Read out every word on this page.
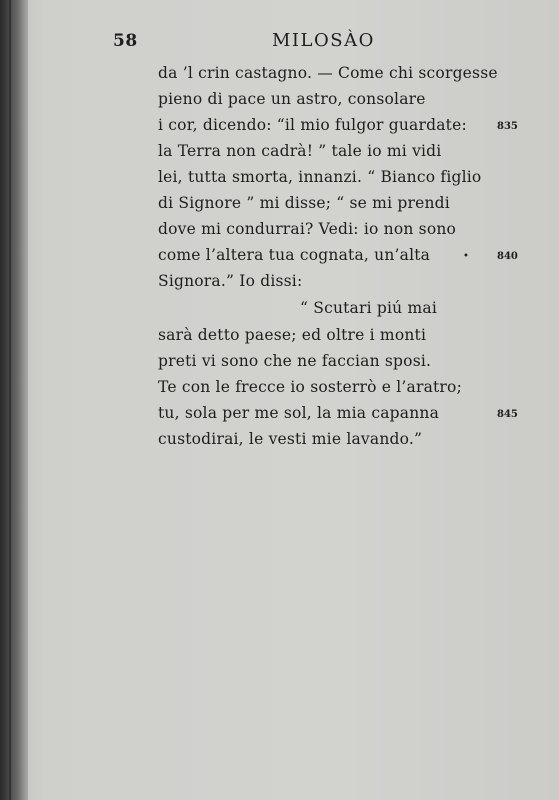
58	MILOSÀO
da ’l crin castagno. — Come chi scorgesse
pieno di pace un astro, consolare
i cor, dicendo: “il mio fulgor guardate:	835
la Terra non cadrà! ” tale io mi vidi
lei, tutta smorta, innanzi. “ Bianco figlio
di Signore ” mi disse; “ se mi prendi
dove mi condurrai? Vedi: io non sono
come l’altera tua cognata, un’alta	•	840
Signora.” Io dissi:
“ Scutari piú mai
sarà detto paese; ed oltre i monti
preti vi sono che ne faccian sposi.
Te con le frecce io sosterrò e l’aratro;
tu, sola per me sol, la mia capanna	845
custodirai, le vesti mie lavando.”
